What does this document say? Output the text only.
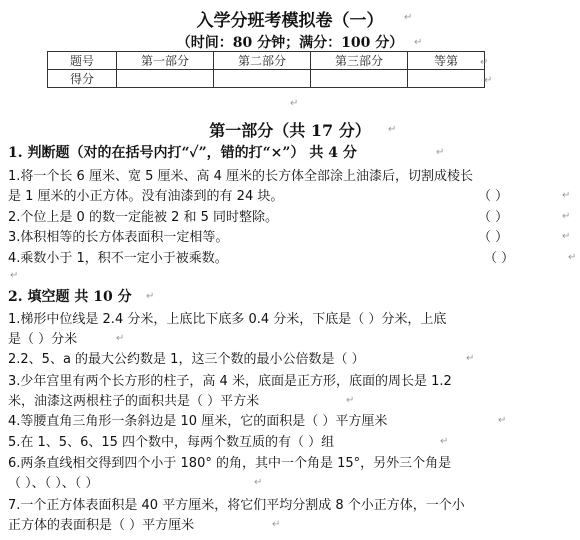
入学分班考模拟卷（一）
（时间：80 分钟；满分：100 分）
题号	第一部分	第二部分	第三部分	等第
得分				
第一部分（共 17 分）
1. 判断题（对的在括号内打“✓”，错的打“×”） 共 4 分
1.将一个长 6 厘米、宽 5 厘米、高 4 厘米的长方体全部涂上油漆后，切割成棱长
是 1 厘米的小正方体。没有油漆到的有 24 块。	（ ）
2.个位上是 0 的数一定能被 2 和 5 同时整除。	（ ）
3.体积相等的长方体表面积一定相等。	（ ）
4.乘数小于 1，积不一定小于被乘数。	（ ）
2. 填空题 共 10 分
1.梯形中位线是 2.4 分米，上底比下底多 0.4 分米，下底是（ ）分米，上底
是（ ）分米
2.2、5、a 的最大公约数是 1，这三个数的最小公倍数是（ ）
3.少年宫里有两个长方形的柱子，高 4 米，底面是正方形，底面的周长是 1.2
米，油漆这两根柱子的面积共是（ ）平方米
4.等腰直角三角形一条斜边是 10 厘米，它的面积是（ ）平方厘米
5.在 1、5、6、15 四个数中，每两个数互质的有（ ）组
6.两条直线相交得到四个小于 180° 的角，其中一个角是 15°，另外三个角是
（ ）、（ ）、（ ）
7.一个正方体表面积是 40 平方厘米，将它们平均分割成 8 个小正方体，一个小
正方体的表面积是（ ）平方厘米
↵
↵
↵
↵
↵
↵
↵
↵
↵
↵
↵
↵
↵
↵
↵
↵
↵
↵
↵
↵
